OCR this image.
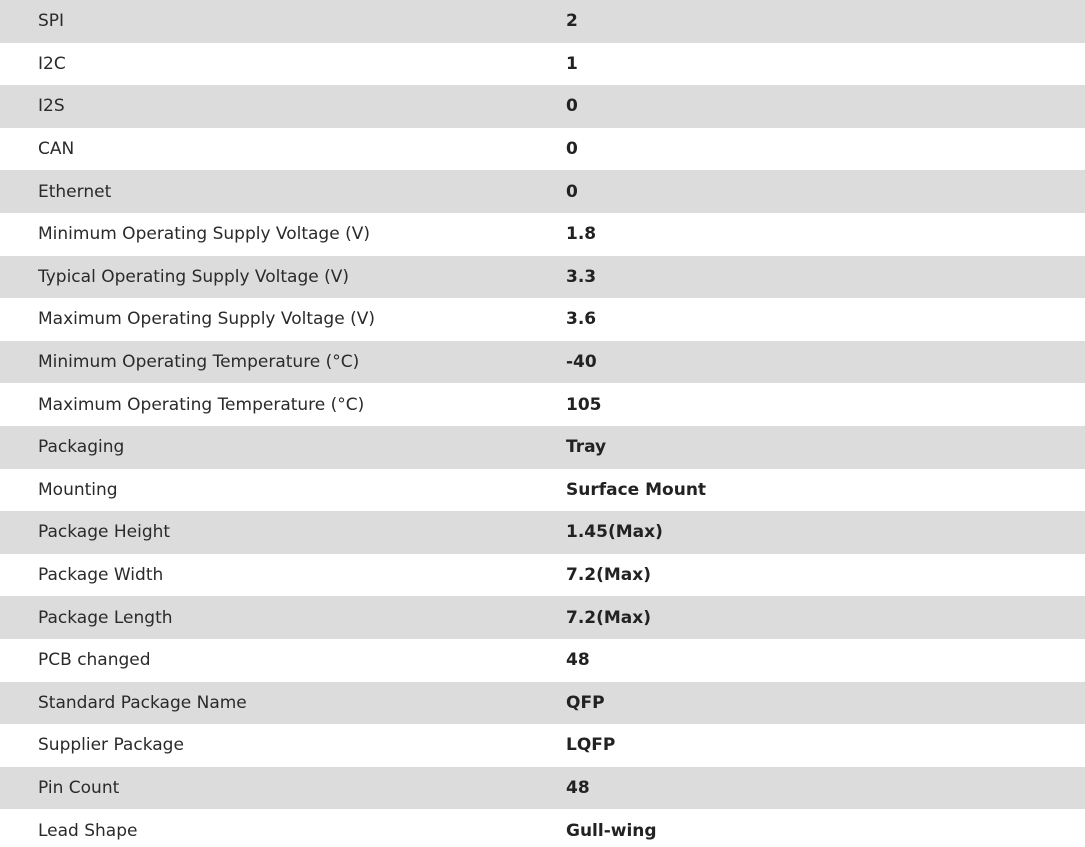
SPI	2
I2C	1
I2S	0
CAN	0
Ethernet	0
Minimum Operating Supply Voltage (V)	1.8
Typical Operating Supply Voltage (V)	3.3
Maximum Operating Supply Voltage (V)	3.6
Minimum Operating Temperature (°C)	-40
Maximum Operating Temperature (°C)	105
Packaging	Tray
Mounting	Surface Mount
Package Height	1.45(Max)
Package Width	7.2(Max)
Package Length	7.2(Max)
PCB changed	48
Standard Package Name	QFP
Supplier Package	LQFP
Pin Count	48
Lead Shape	Gull-wing
